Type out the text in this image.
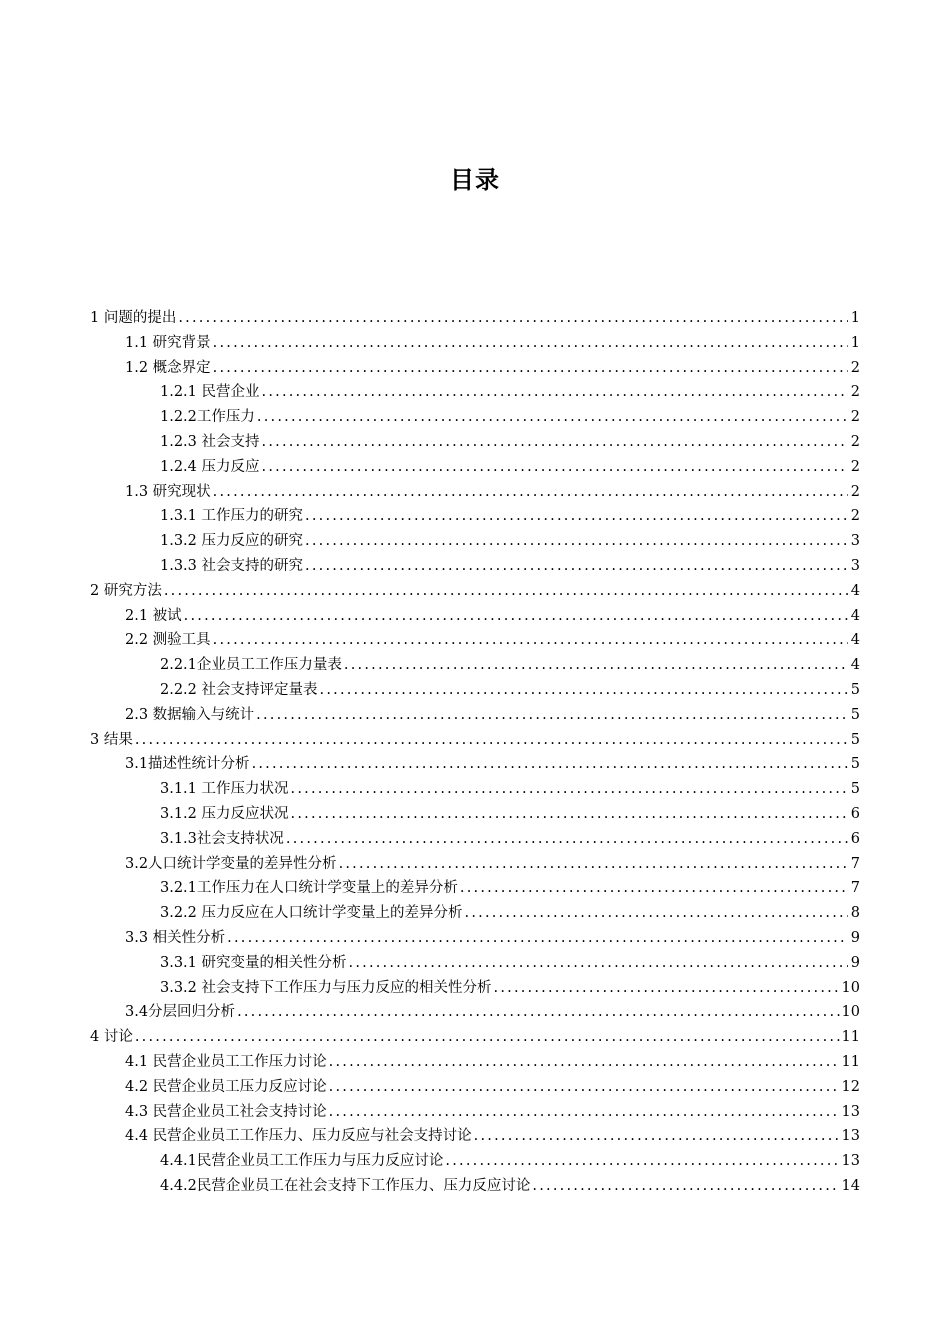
目录
1 问题的提出 .....	1
1.1 研究背景 .....	1
1.2 概念界定 .....	2
1.2.1 民营企业 .....	2
1.2.2工作压力 .....	2
1.2.3 社会支持 .....	2
1.2.4 压力反应 .....	2
1.3 研究现状 .....	2
1.3.1 工作压力的研究 .....	2
1.3.2 压力反应的研究 .....	3
1.3.3 社会支持的研究 .....	3
2 研究方法 .....	4
2.1 被试 .....	4
2.2 测验工具 .....	4
2.2.1企业员工工作压力量表 .....	4
2.2.2 社会支持评定量表 .....	5
2.3 数据输入与统计 .....	5
3 结果 .....	5
3.1描述性统计分析 .....	5
3.1.1 工作压力状况 .....	5
3.1.2 压力反应状况 .....	6
3.1.3社会支持状况 .....	6
3.2人口统计学变量的差异性分析 .....	7
3.2.1工作压力在人口统计学变量上的差异分析 .....	7
3.2.2 压力反应在人口统计学变量上的差异分析 .....	8
3.3 相关性分析 .....	9
3.3.1 研究变量的相关性分析 .....	9
3.3.2 社会支持下工作压力与压力反应的相关性分析 .....	10
3.4分层回归分析 .....	10
4 讨论 .....	11
4.1 民营企业员工工作压力讨论 .....	11
4.2 民营企业员工压力反应讨论 .....	12
4.3 民营企业员工社会支持讨论 .....	13
4.4 民营企业员工工作压力、压力反应与社会支持讨论 .....	13
4.4.1民营企业员工工作压力与压力反应讨论 .....	13
4.4.2民营企业员工在社会支持下工作压力、压力反应讨论 .....	14
